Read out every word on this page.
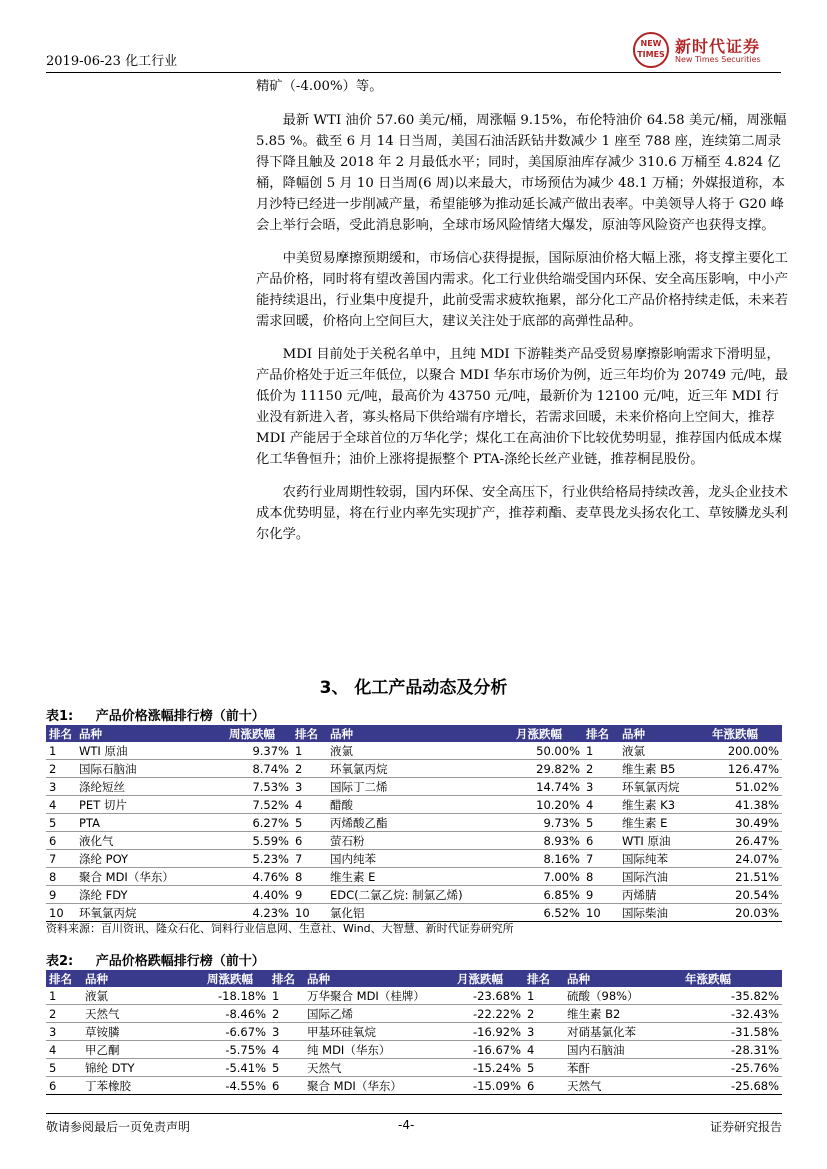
2019-06-23 化工行业
NEW TIMES 新时代证券
New Times Securities

精矿（-4.00%）等。

最新 WTI 油价 57.60 美元/桶，周涨幅 9.15%，布伦特油价 64.58 美元/桶，周涨幅 5.85 %。截至 6 月 14 日当周，美国石油活跃钻井数减少 1 座至 788 座，连续第二周录得下降且触及 2018 年 2 月最低水平；同时，美国原油库存减少 310.6 万桶至 4.824 亿桶，降幅创 5 月 10 日当周(6 周)以来最大，市场预估为减少 48.1 万桶；外媒报道称，本月沙特已经进一步削减产量，希望能够为推动延长减产做出表率。中美领导人将于 G20 峰会上举行会晤，受此消息影响，全球市场风险情绪大爆发，原油等风险资产也获得支撑。

中美贸易摩擦预期缓和，市场信心获得提振，国际原油价格大幅上涨，将支撑主要化工产品价格，同时将有望改善国内需求。化工行业供给端受国内环保、安全高压影响，中小产能持续退出，行业集中度提升，此前受需求疲软拖累，部分化工产品价格持续走低，未来若需求回暖，价格向上空间巨大，建议关注处于底部的高弹性品种。

MDI 目前处于关税名单中，且纯 MDI 下游鞋类产品受贸易摩擦影响需求下滑明显，产品价格处于近三年低位，以聚合 MDI 华东市场价为例，近三年均价为 20749 元/吨，最低价为 11150 元/吨，最高价为 43750 元/吨，最新价为 12100 元/吨，近三年 MDI 行业没有新进入者，寡头格局下供给端有序增长，若需求回暖，未来价格向上空间大，推荐 MDI 产能居于全球首位的万华化学；煤化工在高油价下比较优势明显，推荐国内低成本煤化工华鲁恒升；油价上涨将提振整个 PTA-涤纶长丝产业链，推荐桐昆股份。

农药行业周期性较弱，国内环保、安全高压下，行业供给格局持续改善，龙头企业技术成本优势明显，将在行业内率先实现扩产，推荐莉酯、麦草畏龙头扬农化工、草铵膦龙头利尔化学。

3、 化工产品动态及分析
表1: 产品价格涨幅排行榜（前十）
排名	品种	周涨跌幅	排名	品种	月涨跌幅	排名	品种	年涨跌幅
1	WTI 原油	9.37%	1	液氯	50.00%	1	液氯	200.00%
2	国际石脑油	8.74%	2	环氧氯丙烷	29.82%	2	维生素 B5	126.47%
3	涤纶短丝	7.53%	3	国际丁二烯	14.74%	3	环氧氯丙烷	51.02%
4	PET 切片	7.52%	4	醋酸	10.20%	4	维生素 K3	41.38%
5	PTA	6.27%	5	丙烯酸乙酯	9.73%	5	维生素 E	30.49%
6	液化气	5.59%	6	萤石粉	8.93%	6	WTI 原油	26.47%
7	涤纶 POY	5.23%	7	国内纯苯	8.16%	7	国际纯苯	24.07%
8	聚合 MDI（华东）	4.76%	8	维生素 E	7.00%	8	国际汽油	21.51%
9	涤纶 FDY	4.40%	9	EDC(二氯乙烷: 制氯乙烯)	6.85%	9	丙烯腈	20.54%
10	环氧氯丙烷	4.23%	10	氯化铝	6.52%	10	国际柴油	20.03%
资料来源：百川资讯、隆众石化、饲料行业信息网、生意社、Wind、大智慧、新时代证券研究所
表2: 产品价格跌幅排行榜（前十）
排名	品种	周涨跌幅	排名	品种	月涨跌幅	排名	品种	年涨跌幅
1	液氯	-18.18%	1	万华聚合 MDI（桂牌）	-23.68%	1	硫酸（98%）	-35.82%
2	天然气	-8.46%	2	国际乙烯	-22.22%	2	维生素 B2	-32.43%
3	草铵膦	-6.67%	3	甲基环硅氧烷	-16.92%	3	对硝基氯化苯	-31.58%
4	甲乙酮	-5.75%	4	纯 MDI（华东）	-16.67%	4	国内石脑油	-28.31%
5	锦纶 DTY	-5.41%	5	天然气	-15.24%	5	苯酐	-25.76%
6	丁苯橡胶	-4.55%	6	聚合 MDI（华东）	-15.09%	6	天然气	-25.68%
敬请参阅最后一页免责声明	-4-	证券研究报告
